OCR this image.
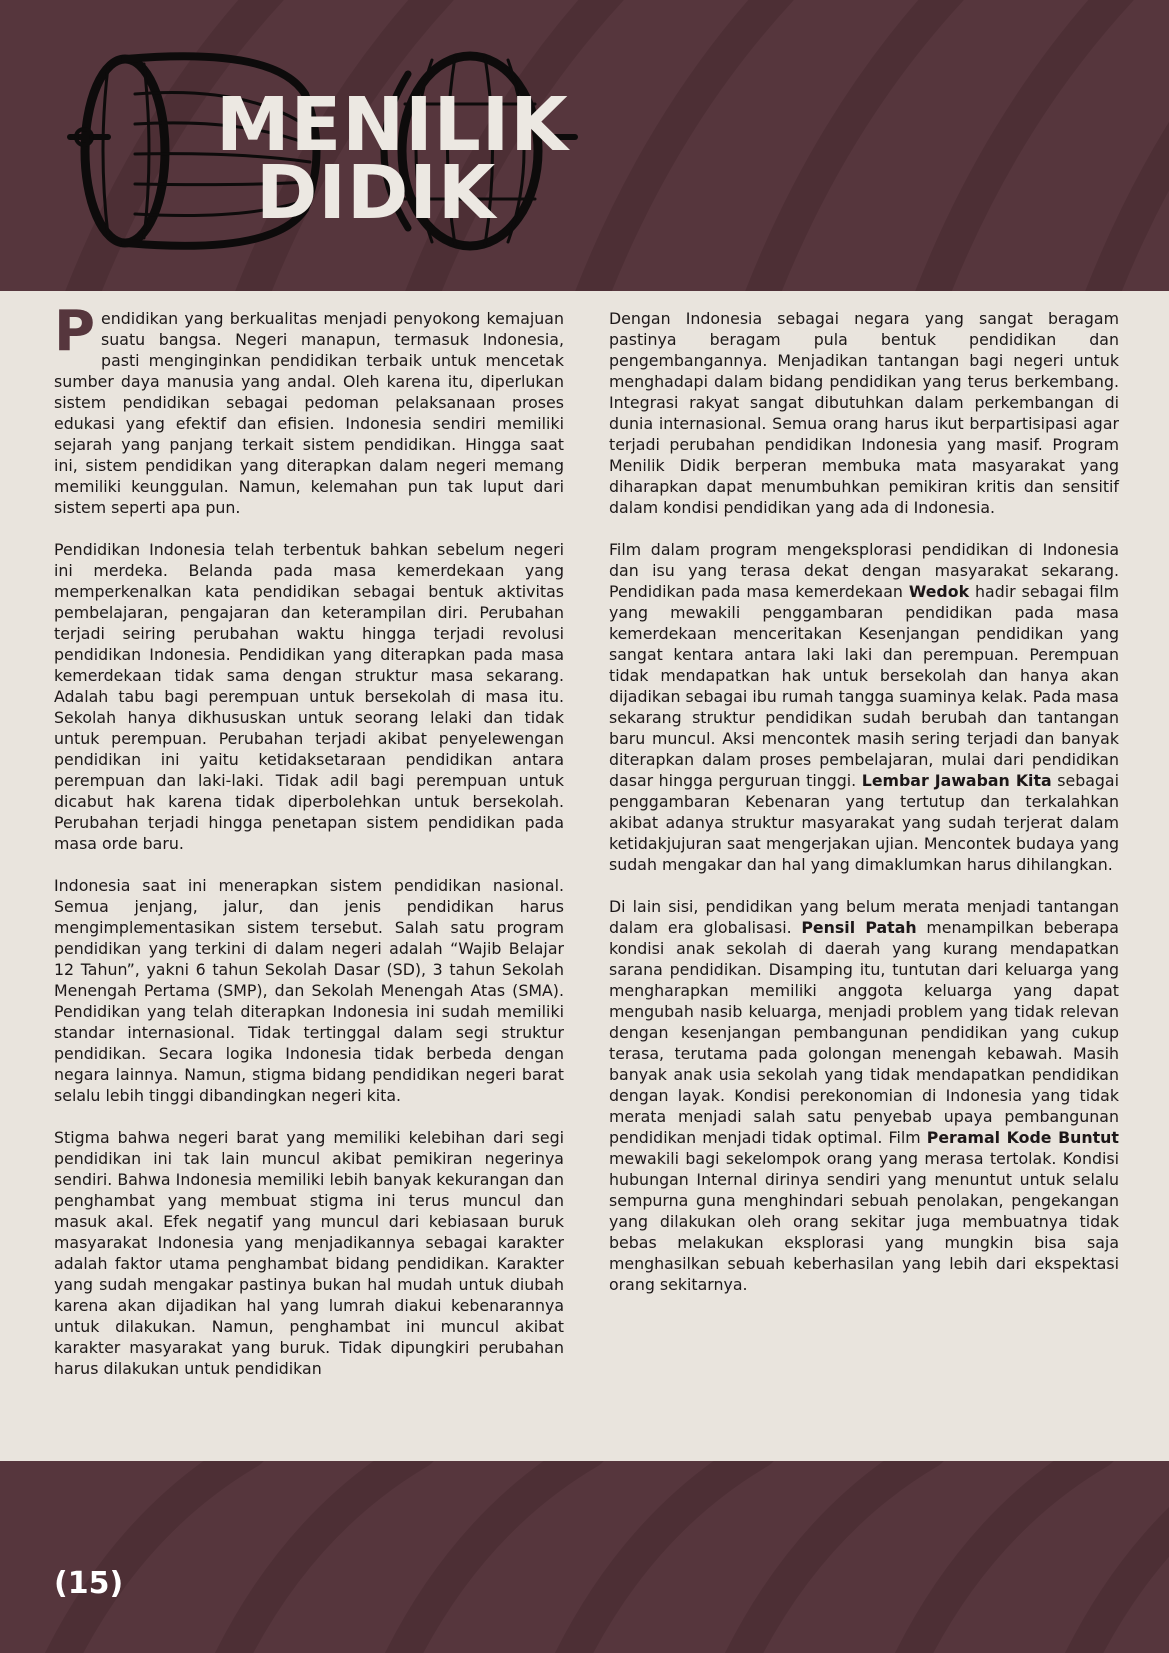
MENILIK
DIDIK

Pendidikan yang berkualitas menjadi penyokong kemajuan suatu bangsa. Negeri manapun, termasuk Indonesia, pasti menginginkan pendidikan terbaik untuk mencetak sumber daya manusia yang andal. Oleh karena itu, diperlukan sistem pendidikan sebagai pedoman pelaksanaan proses edukasi yang efektif dan efisien. Indonesia sendiri memiliki sejarah yang panjang terkait sistem pendidikan. Hingga saat ini, sistem pendidikan yang diterapkan dalam negeri memang memiliki keunggulan. Namun, kelemahan pun tak luput dari sistem seperti apa pun.

Pendidikan Indonesia telah terbentuk bahkan sebelum negeri ini merdeka. Belanda pada masa kemerdekaan yang memperkenalkan kata pendidikan sebagai bentuk aktivitas pembelajaran, pengajaran dan keterampilan diri. Perubahan terjadi seiring perubahan waktu hingga terjadi revolusi pendidikan Indonesia. Pendidikan yang diterapkan pada masa kemerdekaan tidak sama dengan struktur masa sekarang. Adalah tabu bagi perempuan untuk bersekolah di masa itu. Sekolah hanya dikhususkan untuk seorang lelaki dan tidak untuk perempuan. Perubahan terjadi akibat penyelewengan pendidikan ini yaitu ketidaksetaraan pendidikan antara perempuan dan laki-laki. Tidak adil bagi perempuan untuk dicabut hak karena tidak diperbolehkan untuk bersekolah. Perubahan terjadi hingga penetapan sistem pendidikan pada masa orde baru.

Indonesia saat ini menerapkan sistem pendidikan nasional. Semua jenjang, jalur, dan jenis pendidikan harus mengimplementasikan sistem tersebut. Salah satu program pendidikan yang terkini di dalam negeri adalah “Wajib Belajar 12 Tahun”, yakni 6 tahun Sekolah Dasar (SD), 3 tahun Sekolah Menengah Pertama (SMP), dan Sekolah Menengah Atas (SMA). Pendidikan yang telah diterapkan Indonesia ini sudah memiliki standar internasional. Tidak tertinggal dalam segi struktur pendidikan. Secara logika Indonesia tidak berbeda dengan negara lainnya. Namun, stigma bidang pendidikan negeri barat selalu lebih tinggi dibandingkan negeri kita.

Stigma bahwa negeri barat yang memiliki kelebihan dari segi pendidikan ini tak lain muncul akibat pemikiran negerinya sendiri. Bahwa Indonesia memiliki lebih banyak kekurangan dan penghambat yang membuat stigma ini terus muncul dan masuk akal. Efek negatif yang muncul dari kebiasaan buruk masyarakat Indonesia yang menjadikannya sebagai karakter adalah faktor utama penghambat bidang pendidikan. Karakter yang sudah mengakar pastinya bukan hal mudah untuk diubah karena akan dijadikan hal yang lumrah diakui kebenarannya untuk dilakukan. Namun, penghambat ini muncul akibat karakter masyarakat yang buruk. Tidak dipungkiri perubahan harus dilakukan untuk pendidikan

Dengan Indonesia sebagai negara yang sangat beragam pastinya beragam pula bentuk pendidikan dan pengembangannya. Menjadikan tantangan bagi negeri untuk menghadapi dalam bidang pendidikan yang terus berkembang. Integrasi rakyat sangat dibutuhkan dalam perkembangan di dunia internasional. Semua orang harus ikut berpartisipasi agar terjadi perubahan pendidikan Indonesia yang masif. Program Menilik Didik berperan membuka mata masyarakat yang diharapkan dapat menumbuhkan pemikiran kritis dan sensitif dalam kondisi pendidikan yang ada di Indonesia.

Film dalam program mengeksplorasi pendidikan di Indonesia dan isu yang terasa dekat dengan masyarakat sekarang. Pendidikan pada masa kemerdekaan Wedok hadir sebagai film yang mewakili penggambaran pendidikan pada masa kemerdekaan menceritakan Kesenjangan pendidikan yang sangat kentara antara laki laki dan perempuan. Perempuan tidak mendapatkan hak untuk bersekolah dan hanya akan dijadikan sebagai ibu rumah tangga suaminya kelak. Pada masa sekarang struktur pendidikan sudah berubah dan tantangan baru muncul. Aksi mencontek masih sering terjadi dan banyak diterapkan dalam proses pembelajaran, mulai dari pendidikan dasar hingga perguruan tinggi. Lembar Jawaban Kita sebagai penggambaran Kebenaran yang tertutup dan terkalahkan akibat adanya struktur masyarakat yang sudah terjerat dalam ketidakjujuran saat mengerjakan ujian. Mencontek budaya yang sudah mengakar dan hal yang dimaklumkan harus dihilangkan.

Di lain sisi, pendidikan yang belum merata menjadi tantangan dalam era globalisasi. Pensil Patah menampilkan beberapa kondisi anak sekolah di daerah yang kurang mendapatkan sarana pendidikan. Disamping itu, tuntutan dari keluarga yang mengharapkan memiliki anggota keluarga yang dapat mengubah nasib keluarga, menjadi problem yang tidak relevan dengan kesenjangan pembangunan pendidikan yang cukup terasa, terutama pada golongan menengah kebawah. Masih banyak anak usia sekolah yang tidak mendapatkan pendidikan dengan layak. Kondisi perekonomian di Indonesia yang tidak merata menjadi salah satu penyebab upaya pembangunan pendidikan menjadi tidak optimal. Film Peramal Kode Buntut mewakili bagi sekelompok orang yang merasa tertolak. Kondisi hubungan Internal dirinya sendiri yang menuntut untuk selalu sempurna guna menghindari sebuah penolakan, pengekangan yang dilakukan oleh orang sekitar juga membuatnya tidak bebas melakukan eksplorasi yang mungkin bisa saja menghasilkan sebuah keberhasilan yang lebih dari ekspektasi orang sekitarnya.

(15)
